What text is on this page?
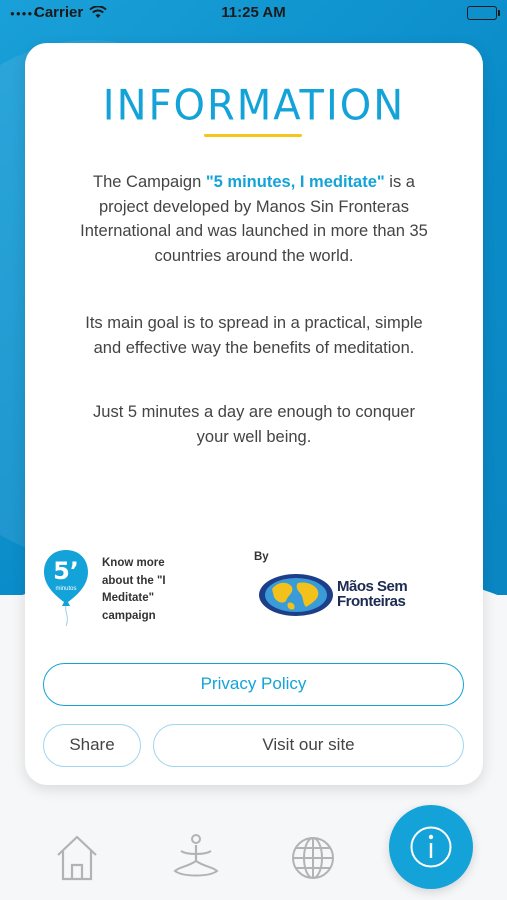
●●●●●
Carrier	11:25 AM
INFORMATION
The Campaign "5 minutes, I meditate" is a project developed by Manos Sin Fronteras International and was launched in more than 35 countries around the world.
Its main goal is to spread in a practical, simple and effective way the benefits of meditation.
Just 5 minutes a day are enough to conquer your well being.
5’
minutos
Know more about the "I Meditate" campaign
By
Mãos Sem
Fronteiras
Privacy Policy
Share	Visit our site
